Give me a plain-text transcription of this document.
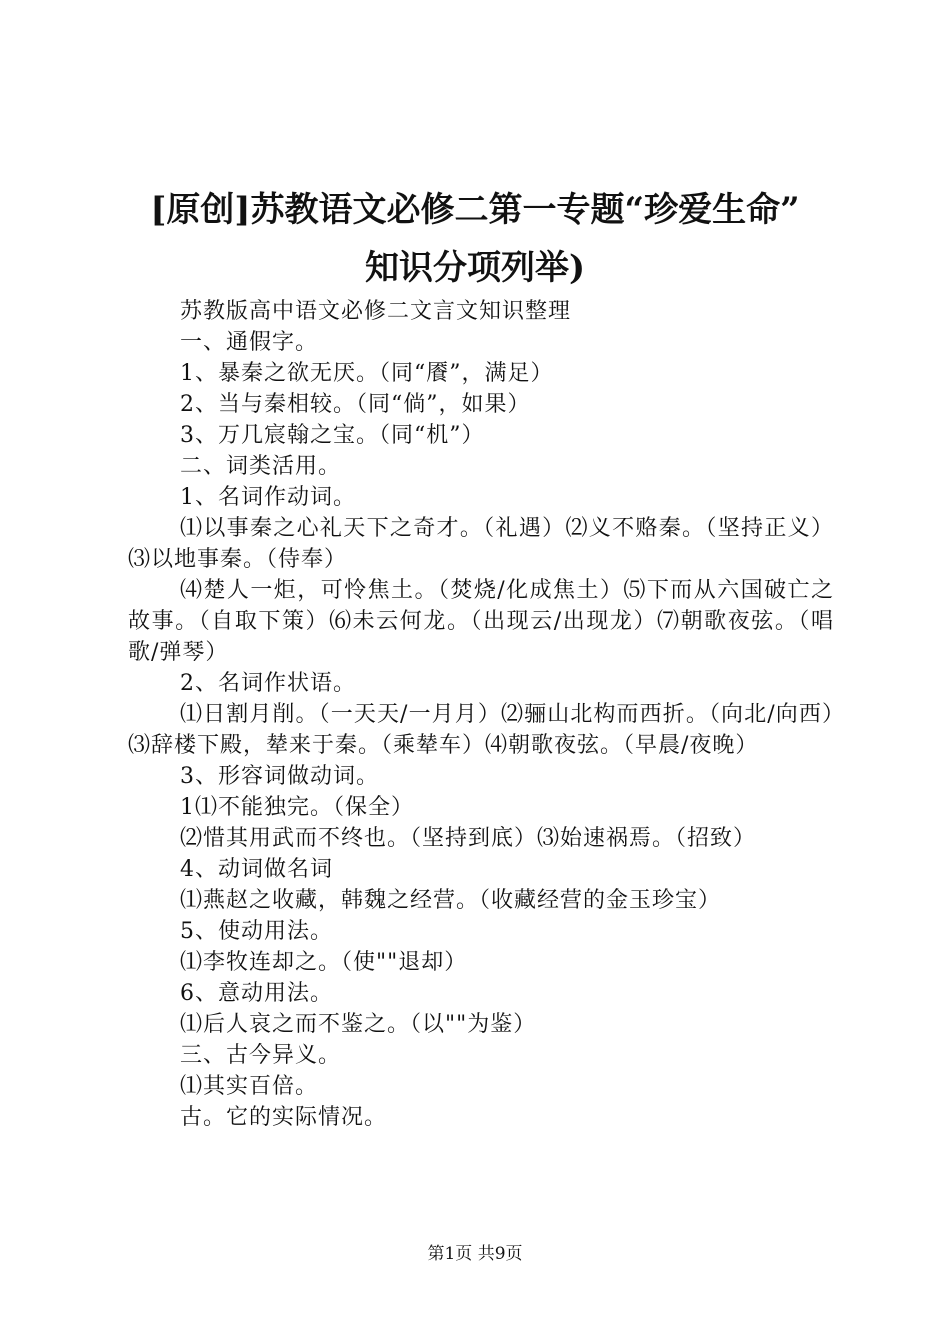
[原创]苏教语文必修二第一专题“珍爱生命”
知识分项列举)

苏教版高中语文必修二文言文知识整理

一、通假字。

1、暴秦之欲无厌。（同“餍”，满足）

2、当与秦相较。（同“倘”，如果）

3、万几宸翰之宝。（同“机”）

二、词类活用。

1、名词作动词。

⑴以事秦之心礼天下之奇才。（礼遇）⑵义不赂秦。（坚持正义）⑶以地事秦。（侍奉）

⑷楚人一炬，可怜焦土。（焚烧/化成焦土）⑸下而从六国破亡之故事。（自取下策）⑹未云何龙。（出现云/出现龙）⑺朝歌夜弦。（唱歌/弹琴）

2、名词作状语。

⑴日割月削。（一天天/一月月）⑵骊山北构而西折。（向北/向西）⑶辞楼下殿，辇来于秦。（乘辇车）⑷朝歌夜弦。（早晨/夜晚）

3、形容词做动词。

1⑴不能独完。（保全）

⑵惜其用武而不终也。（坚持到底）⑶始速祸焉。（招致）

4、动词做名词

⑴燕赵之收藏，韩魏之经营。（收藏经营的金玉珍宝）

5、使动用法。

⑴李牧连却之。（使""退却）

6、意动用法。

⑴后人哀之而不鉴之。（以""为鉴）

三、古今异义。

⑴其实百倍。

古。它的实际情况。

第1页 共9页
